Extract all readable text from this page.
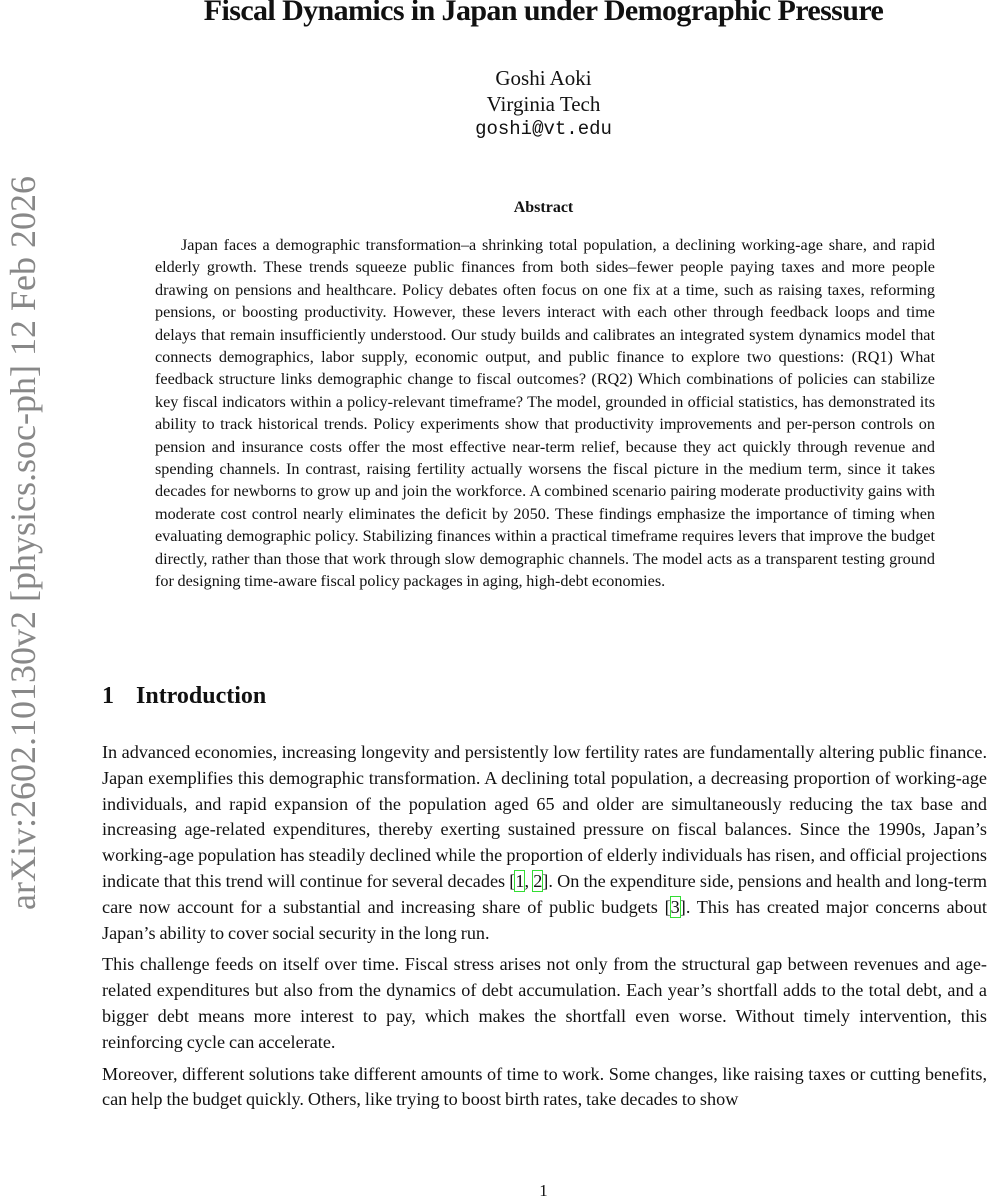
arXiv:2602.10130v2 [physics.soc-ph] 12 Feb 2026
Fiscal Dynamics in Japan under Demographic Pressure
Goshi Aoki
Virginia Tech
goshi@vt.edu
Abstract
Japan faces a demographic transformation–a shrinking total population, a declining working-age share, and rapid elderly growth. These trends squeeze public finances from both sides–fewer people paying taxes and more people drawing on pensions and healthcare. Policy debates often focus on one fix at a time, such as raising taxes, reforming pensions, or boosting productivity. However, these levers interact with each other through feedback loops and time delays that remain insufficiently understood. Our study builds and calibrates an integrated system dynamics model that connects demographics, labor supply, economic output, and public finance to explore two questions: (RQ1) What feedback structure links demographic change to fiscal outcomes? (RQ2) Which combinations of policies can stabilize key fiscal indicators within a policy-relevant timeframe? The model, grounded in official statistics, has demonstrated its ability to track historical trends. Policy experiments show that productivity improvements and per-person controls on pension and insurance costs offer the most effective near-term relief, because they act quickly through revenue and spending channels. In contrast, raising fertility actually worsens the fiscal picture in the medium term, since it takes decades for newborns to grow up and join the workforce. A combined scenario pairing moderate productivity gains with moderate cost control nearly eliminates the deficit by 2050. These findings emphasize the importance of timing when evaluating demographic policy. Stabilizing finances within a practical timeframe requires levers that improve the budget directly, rather than those that work through slow demographic channels. The model acts as a transparent testing ground for designing time-aware fiscal policy packages in aging, high-debt economies.
1 Introduction

In advanced economies, increasing longevity and persistently low fertility rates are fundamentally altering public finance. Japan exemplifies this demographic transformation. A declining total population, a decreasing proportion of working-age individuals, and rapid expansion of the population aged 65 and older are simultaneously reducing the tax base and increasing age-related expenditures, thereby exerting sustained pressure on fiscal balances. Since the 1990s, Japan’s working-age population has steadily declined while the proportion of elderly individuals has risen, and official projections indicate that this trend will continue for several decades [1, 2]. On the expenditure side, pensions and health and long-term care now account for a substantial and increasing share of public budgets [3]. This has created major concerns about Japan’s ability to cover social security in the long run.

This challenge feeds on itself over time. Fiscal stress arises not only from the structural gap between revenues and age-related expenditures but also from the dynamics of debt accumulation. Each year’s shortfall adds to the total debt, and a bigger debt means more interest to pay, which makes the shortfall even worse. Without timely intervention, this reinforcing cycle can accelerate.

Moreover, different solutions take different amounts of time to work. Some changes, like raising taxes or cutting benefits, can help the budget quickly. Others, like trying to boost birth rates, take decades to show

1
